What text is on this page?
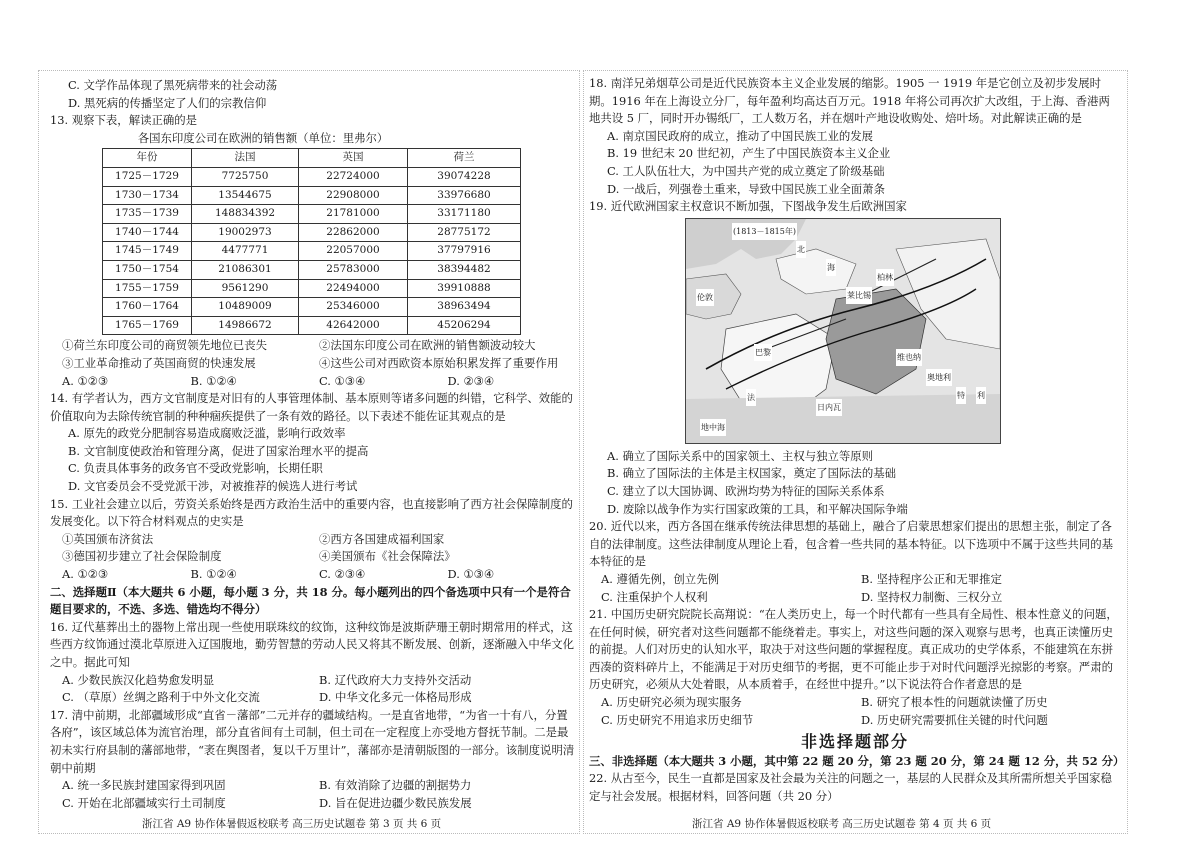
C. 文学作品体现了黑死病带来的社会动荡

D. 黑死病的传播坚定了人们的宗教信仰

13. 观察下表，解读正确的是

各国东印度公司在欧洲的销售额（单位：里弗尔）
年份	法国	英国	荷兰
1725－1729	7725750	22724000	39074228
1730－1734	13544675	22908000	33976680
1735－1739	148834392	21781000	33171180
1740－1744	19002973	22862000	28775172
1745－1749	4477771	22057000	37797916
1750－1754	21086301	25783000	38394482
1755－1759	9561290	22494000	39910888
1760－1764	10489009	25346000	38963494
1765－1769	14986672	42642000	45206294
①荷兰东印度公司的商贸领先地位已丧失	②法国东印度公司在欧洲的销售额波动较大
③工业革命推动了英国商贸的快速发展	④这些公司对西欧资本原始积累发挥了重要作用
A. ①②③	B. ①②④	C. ①③④	D. ②③④

14. 有学者认为，西方文官制度是对旧有的人事管理体制、基本原则等诸多问题的纠错，它科学、效能的价值取向为去除传统官制的种种痼疾提供了一条有效的路径。以下表述不能佐证其观点的是

A. 原先的政党分肥制容易造成腐败泛滥，影响行政效率

B. 文官制度使政治和管理分离，促进了国家治理水平的提高

C. 负责具体事务的政务官不受政党影响，长期任职

D. 文官委员会不受党派干涉，对被推荐的候选人进行考试

15. 工业社会建立以后，劳资关系始终是西方政治生活中的重要内容，也直接影响了西方社会保障制度的发展变化。以下符合材料观点的史实是

①英国颁布济贫法	②西方各国建成福利国家
③德国初步建立了社会保险制度	④美国颁布《社会保障法》
A. ①②③	B. ①②④	C. ②③④	D. ①③④

二、选择题Ⅱ（本大题共 6 小题，每小题 3 分，共 18 分。每小题列出的四个备选项中只有一个是符合题目要求的，不选、多选、错选均不得分）

16. 辽代墓葬出土的器物上常出现一些使用联珠纹的纹饰，这种纹饰是波斯萨珊王朝时期常用的样式，这些西方纹饰通过漠北草原进入辽国腹地，勤劳智慧的劳动人民又将其不断发展、创新，逐渐融入中华文化之中。据此可知

A. 少数民族汉化趋势愈发明显	B. 辽代政府大力支持外交活动
C. （草原）丝绸之路利于中外文化交流	D. 中华文化多元一体格局形成

17. 清中前期，北部疆域形成“直省－藩部”二元并存的疆域结构。一是直省地带，“为省一十有八，分置各府”，该区域总体为流官治理，部分直省间有土司制，但土司在一定程度上亦受地方督抚节制。二是最初未实行府县制的藩部地带，“袤在舆图者，复以千万里计”，藩部亦是清朝版图的一部分。该制度说明清朝中前期

A. 统一多民族封建国家得到巩固	B. 有效消除了边疆的割据势力
C. 开始在北部疆域实行土司制度	D. 旨在促进边疆少数民族发展
浙江省 A9 协作体暑假返校联考 高三历史试题卷 第 3 页 共 6 页

18. 南洋兄弟烟草公司是近代民族资本主义企业发展的缩影。1905 一 1919 年是它创立及初步发展时期。1916 年在上海设立分厂，每年盈利均高达百万元。1918 年将公司再次扩大改组，于上海、香港两地共设 5 厂，同时开办锡纸厂，工人数万名，并在烟叶产地设收购处、焙叶场。对此解读正确的是

A. 南京国民政府的成立，推动了中国民族工业的发展

B. 19 世纪末 20 世纪初，产生了中国民族资本主义企业

C. 工人队伍壮大，为中国共产党的成立奠定了阶级基础

D. 一战后，列强卷土重来，导致中国民族工业全面萧条

19. 近代欧洲国家主权意识不断加强，下图战争发生后欧洲国家

(1813－1815年)
北
海
伦敦
巴黎
维也纳
莱比锡
柏林
奥地利
法	特 利
日内瓦
地中海

A. 确立了国际关系中的国家领土、主权与独立等原则

B. 确立了国际法的主体是主权国家，奠定了国际法的基础

C. 建立了以大国协调、欧洲均势为特征的国际关系体系

D. 废除以战争作为实行国家政策的工具，和平解决国际争端

20. 近代以来，西方各国在继承传统法律思想的基础上，融合了启蒙思想家们提出的思想主张，制定了各自的法律制度。这些法律制度从理论上看，包含着一些共同的基本特征。以下选项中不属于这些共同的基本特征的是

A. 遵循先例，创立先例	B. 坚持程序公正和无罪推定
C. 注重保护个人权利	D. 坚持权力制衡、三权分立

21. 中国历史研究院院长高翔说：“在人类历史上，每一个时代都有一些具有全局性、根本性意义的问题，在任何时候，研究者对这些问题都不能绕着走。事实上，对这些问题的深入观察与思考，也真正读懂历史的前提。人们对历史的认知水平，取决于对这些问题的掌握程度。真正成功的史学体系，不能建筑在东拼西凑的资料碎片上，不能满足于对历史细节的考据，更不可能止步于对时代问题浮光掠影的考察。严肃的历史研究，必须从大处着眼，从本质着手，在经世中提升。”以下说法符合作者意思的是

A. 历史研究必须为现实服务	B. 研究了根本性的问题就读懂了历史
C. 历史研究不用追求历史细节	D. 历史研究需要抓住关键的时代问题
非选择题部分

三、非选择题（本大题共 3 小题，其中第 22 题 20 分，第 23 题 20 分，第 24 题 12 分，共 52 分）

22. 从古至今，民生一直都是国家及社会最为关注的问题之一，基层的人民群众及其所需所想关乎国家稳定与社会发展。根据材料，回答问题（共 20 分）

浙江省 A9 协作体暑假返校联考 高三历史试题卷 第 4 页 共 6 页
